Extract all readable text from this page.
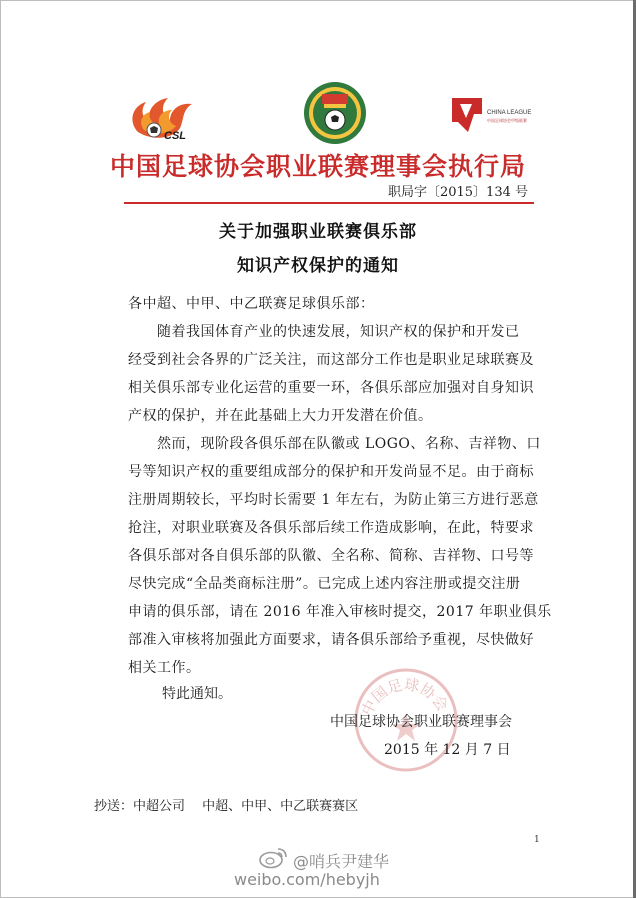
CSL
CHINA LEAGUE
中国足球协会甲级联赛
中国足球协会职业联赛理事会执行局
职局字〔2015〕134 号
关于加强职业联赛俱乐部
知识产权保护的通知
各中超、中甲、中乙联赛足球俱乐部：
　　随着我国体育产业的快速发展，知识产权的保护和开发已
经受到社会各界的广泛关注，而这部分工作也是职业足球联赛及
相关俱乐部专业化运营的重要一环，各俱乐部应加强对自身知识
产权的保护，并在此基础上大力开发潜在价值。
　　然而，现阶段各俱乐部在队徽或 LOGO、名称、吉祥物、口
号等知识产权的重要组成部分的保护和开发尚显不足。由于商标
注册周期较长，平均时长需要 1 年左右，为防止第三方进行恶意
抢注，对职业联赛及各俱乐部后续工作造成影响，在此，特要求
各俱乐部对各自俱乐部的队徽、全名称、简称、吉祥物、口号等
尽快完成“全品类商标注册”。已完成上述内容注册或提交注册
申请的俱乐部，请在 2016 年准入审核时提交，2017 年职业俱乐
部准入审核将加强此方面要求，请各俱乐部给予重视，尽快做好
相关工作。
特此通知。
中国足球协会
中国足球协会职业联赛理事会
2015 年 12 月 7 日
抄送：中超公司　 中超、中甲、中乙联赛赛区
1
@哨兵尹建华
weibo.com/hebyjh
